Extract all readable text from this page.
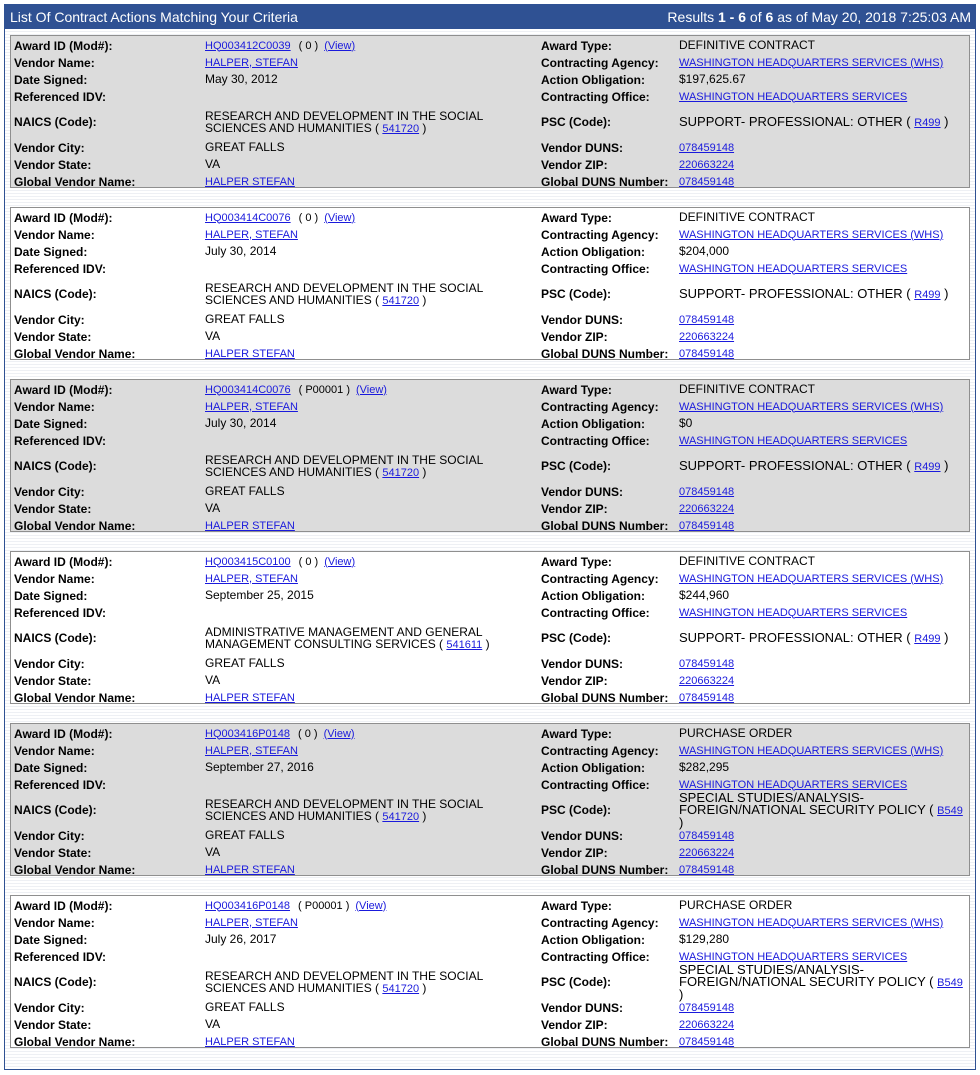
List Of Contract Actions Matching Your Criteria	Results 1 - 6 of 6 as of May 20, 2018 7:25:03 AM
Award ID (Mod#):	HQ003412C0039 ( 0 ) (View)	Award Type:	DEFINITIVE CONTRACT
Vendor Name:	HALPER, STEFAN	Contracting Agency:	WASHINGTON HEADQUARTERS SERVICES (WHS)
Date Signed:	May 30, 2012	Action Obligation:	$197,625.67
Referenced IDV:	Contracting Office:	WASHINGTON HEADQUARTERS SERVICES
NAICS (Code):	RESEARCH AND DEVELOPMENT IN THE SOCIAL
SCIENCES AND HUMANITIES ( 541720 )	PSC (Code):	SUPPORT- PROFESSIONAL: OTHER ( R499 )
Vendor City:	GREAT FALLS	Vendor DUNS:	078459148
Vendor State:	VA	Vendor ZIP:	220663224
Global Vendor Name:	HALPER STEFAN	Global DUNS Number: 078459148
Award ID (Mod#):	HQ003414C0076 ( 0 ) (View)	Award Type:	DEFINITIVE CONTRACT
Vendor Name:	HALPER, STEFAN	Contracting Agency:	WASHINGTON HEADQUARTERS SERVICES (WHS)
Date Signed:	July 30, 2014	Action Obligation:	$204,000
Referenced IDV:	Contracting Office:	WASHINGTON HEADQUARTERS SERVICES
NAICS (Code):	RESEARCH AND DEVELOPMENT IN THE SOCIAL
SCIENCES AND HUMANITIES ( 541720 )	PSC (Code):	SUPPORT- PROFESSIONAL: OTHER ( R499 )
Vendor City:	GREAT FALLS	Vendor DUNS:	078459148
Vendor State:	VA	Vendor ZIP:	220663224
Global Vendor Name:	HALPER STEFAN	Global DUNS Number: 078459148
Award ID (Mod#):	HQ003414C0076 ( P00001 ) (View)	Award Type:	DEFINITIVE CONTRACT
Vendor Name:	HALPER, STEFAN	Contracting Agency:	WASHINGTON HEADQUARTERS SERVICES (WHS)
Date Signed:	July 30, 2014	Action Obligation:	$0
Referenced IDV:	Contracting Office:	WASHINGTON HEADQUARTERS SERVICES
NAICS (Code):	RESEARCH AND DEVELOPMENT IN THE SOCIAL
SCIENCES AND HUMANITIES ( 541720 )	PSC (Code):	SUPPORT- PROFESSIONAL: OTHER ( R499 )
Vendor City:	GREAT FALLS	Vendor DUNS:	078459148
Vendor State:	VA	Vendor ZIP:	220663224
Global Vendor Name:	HALPER STEFAN	Global DUNS Number: 078459148
Award ID (Mod#):	HQ003415C0100 ( 0 ) (View)	Award Type:	DEFINITIVE CONTRACT
Vendor Name:	HALPER, STEFAN	Contracting Agency:	WASHINGTON HEADQUARTERS SERVICES (WHS)
Date Signed:	September 25, 2015	Action Obligation:	$244,960
Referenced IDV:	Contracting Office:	WASHINGTON HEADQUARTERS SERVICES
NAICS (Code):	ADMINISTRATIVE MANAGEMENT AND GENERAL
MANAGEMENT CONSULTING SERVICES ( 541611 )	PSC (Code):	SUPPORT- PROFESSIONAL: OTHER ( R499 )
Vendor City:	GREAT FALLS	Vendor DUNS:	078459148
Vendor State:	VA	Vendor ZIP:	220663224
Global Vendor Name:	HALPER STEFAN	Global DUNS Number: 078459148
Award ID (Mod#):	HQ003416P0148 ( 0 ) (View)	Award Type:	PURCHASE ORDER
Vendor Name:	HALPER, STEFAN	Contracting Agency:	WASHINGTON HEADQUARTERS SERVICES (WHS)
Date Signed:	September 27, 2016	Action Obligation:	$282,295
Referenced IDV:	Contracting Office:	WASHINGTON HEADQUARTERS SERVICES
NAICS (Code):	RESEARCH AND DEVELOPMENT IN THE SOCIAL
SCIENCES AND HUMANITIES ( 541720 )	PSC (Code):
SPECIAL STUDIES/ANALYSIS-
FOREIGN/NATIONAL SECURITY POLICY ( B549 )
Vendor City:	GREAT FALLS	Vendor DUNS:	078459148
Vendor State:	VA	Vendor ZIP:	220663224
Global Vendor Name:	HALPER STEFAN	Global DUNS Number: 078459148
Award ID (Mod#):	HQ003416P0148 ( P00001 ) (View)	Award Type:	PURCHASE ORDER
Vendor Name:	HALPER, STEFAN	Contracting Agency:	WASHINGTON HEADQUARTERS SERVICES (WHS)
Date Signed:	July 26, 2017	Action Obligation:	$129,280
Referenced IDV:	Contracting Office:	WASHINGTON HEADQUARTERS SERVICES
NAICS (Code):	RESEARCH AND DEVELOPMENT IN THE SOCIAL
SCIENCES AND HUMANITIES ( 541720 )	PSC (Code):
SPECIAL STUDIES/ANALYSIS-
FOREIGN/NATIONAL SECURITY POLICY ( B549 )
Vendor City:	GREAT FALLS	Vendor DUNS:	078459148
Vendor State:	VA	Vendor ZIP:	220663224
Global Vendor Name:	HALPER STEFAN	Global DUNS Number: 078459148
